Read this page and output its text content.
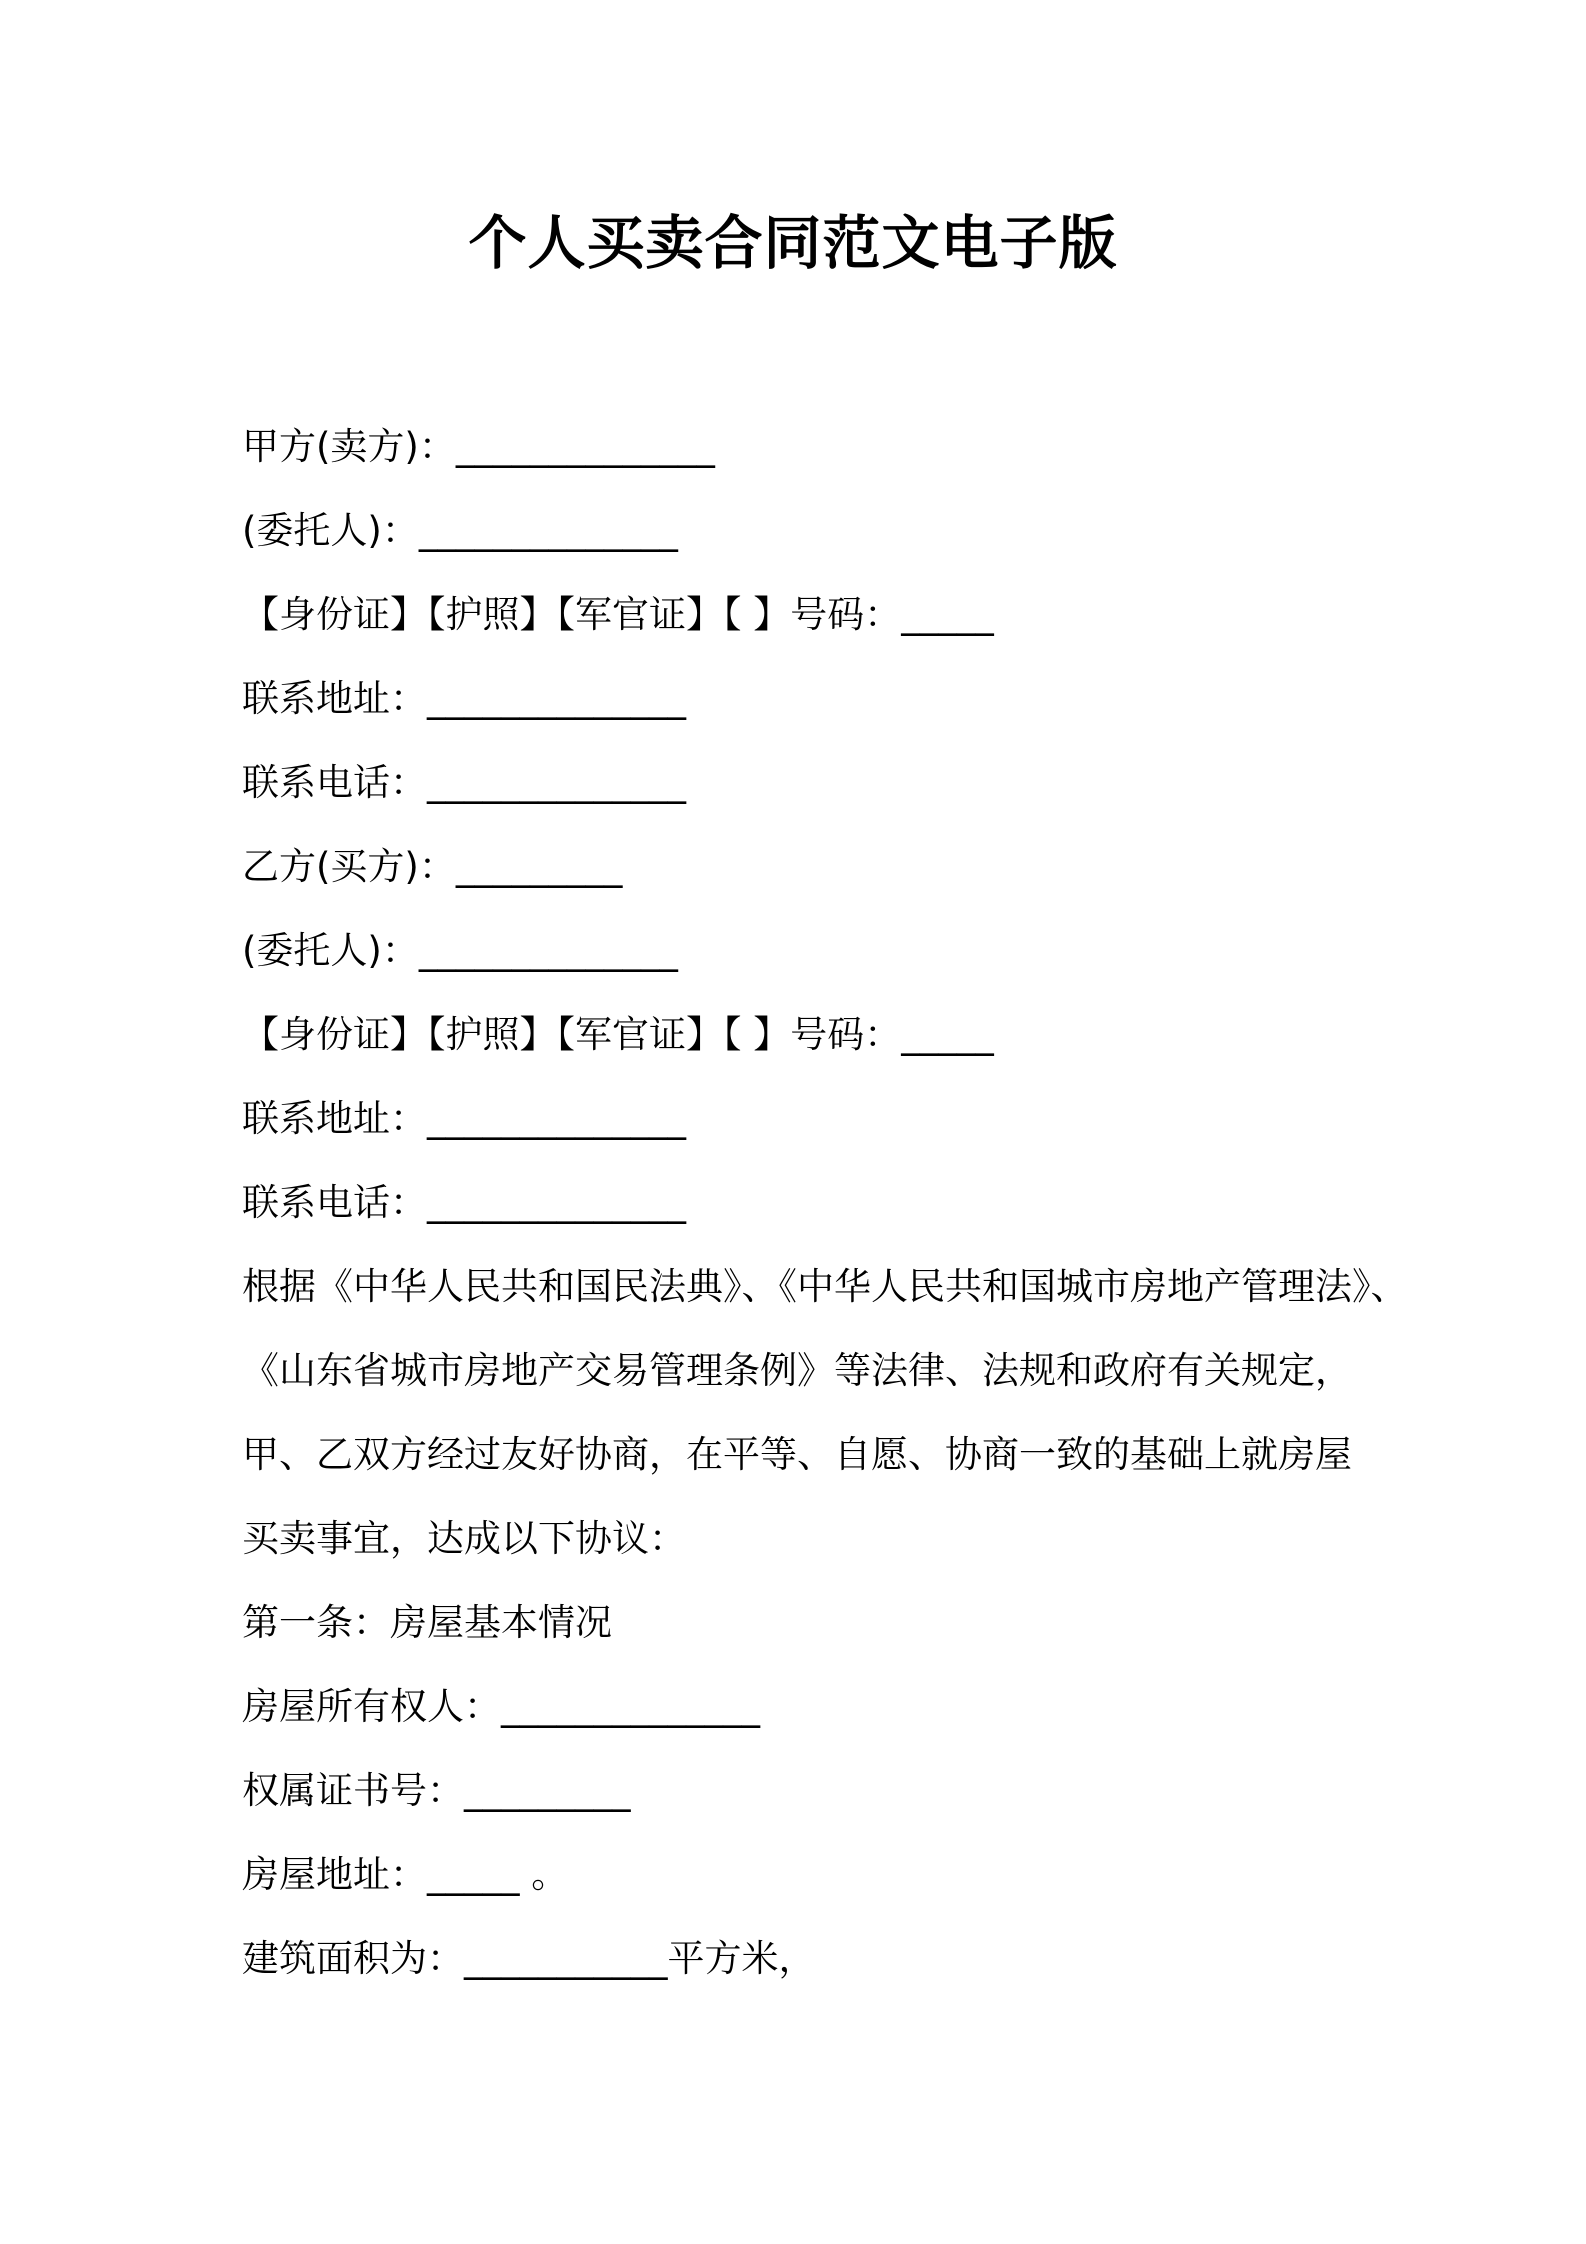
个人买卖合同范文电子版
甲方(卖方)：______________
(委托人)：______________
【身份证】【护照】【军官证】【 】号码：_____
联系地址：______________
联系电话：______________
乙方(买方)：_________
(委托人)：______________
【身份证】【护照】【军官证】【 】号码：_____
联系地址：______________
联系电话：______________
根据《中华人民共和国民法典》、《中华人民共和国城市房地产管理法》、
《山东省城市房地产交易管理条例》等法律、法规和政府有关规定，
甲、乙双方经过友好协商，在平等、自愿、协商一致的基础上就房屋
买卖事宜，达成以下协议：
第一条：房屋基本情况
房屋所有权人：______________
权属证书号：_________
房屋地址：_____ 。
建筑面积为：___________平方米，
